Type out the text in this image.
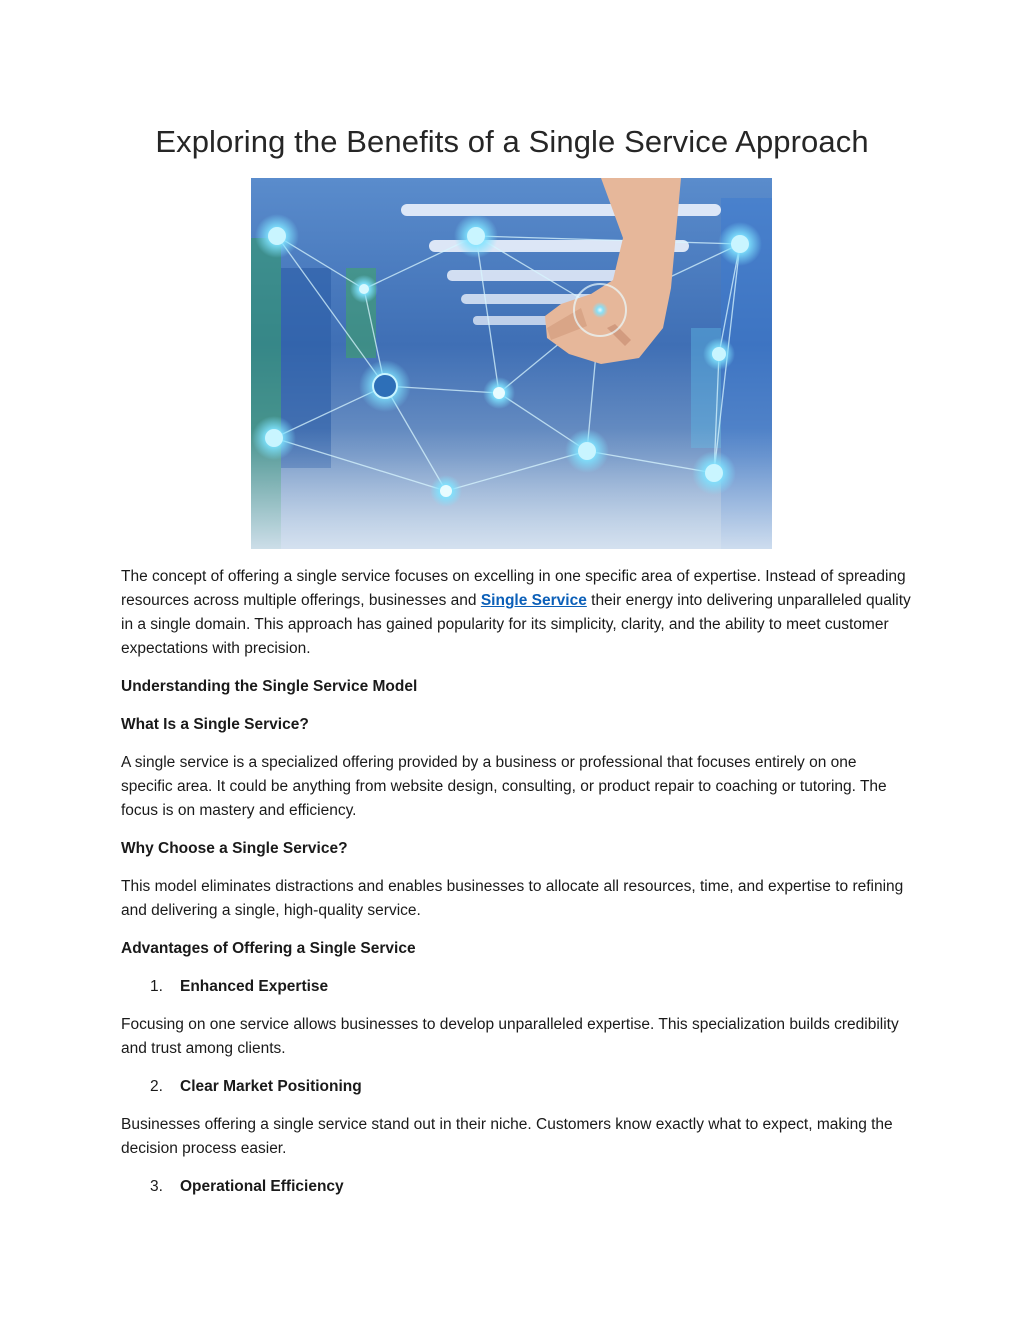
Exploring the Benefits of a Single Service Approach

The concept of offering a single service focuses on excelling in one specific area of expertise. Instead of spreading resources across multiple offerings, businesses and Single Service their energy into delivering unparalleled quality in a single domain. This approach has gained popularity for its simplicity, clarity, and the ability to meet customer expectations with precision.

Understanding the Single Service Model

What Is a Single Service?

A single service is a specialized offering provided by a business or professional that focuses entirely on one specific area. It could be anything from website design, consulting, or product repair to coaching or tutoring. The focus is on mastery and efficiency.

Why Choose a Single Service?

This model eliminates distractions and enables businesses to allocate all resources, time, and expertise to refining and delivering a single, high-quality service.

Advantages of Offering a Single Service

1.	Enhanced Expertise

Focusing on one service allows businesses to develop unparalleled expertise. This specialization builds credibility and trust among clients.

2.	Clear Market Positioning

Businesses offering a single service stand out in their niche. Customers know exactly what to expect, making the decision process easier.

3.	Operational Efficiency
